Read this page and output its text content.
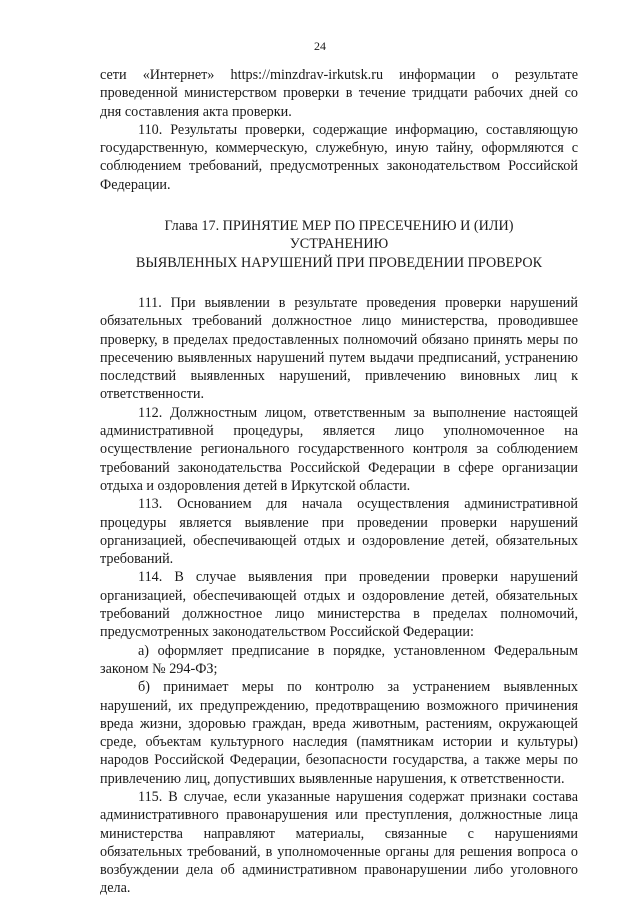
24

сети «Интернет» https://minzdrav-irkutsk.ru информации о результате проведенной министерством проверки в течение тридцати рабочих дней со дня составления акта проверки.

110. Результаты проверки, содержащие информацию, составляющую государственную, коммерческую, служебную, иную тайну, оформляются с соблюдением требований, предусмотренных законодательством Российской Федерации.

Глава 17. ПРИНЯТИЕ МЕР ПО ПРЕСЕЧЕНИЮ И (ИЛИ)
УСТРАНЕНИЮ
ВЫЯВЛЕННЫХ НАРУШЕНИЙ ПРИ ПРОВЕДЕНИИ ПРОВЕРОК

111. При выявлении в результате проведения проверки нарушений обязательных требований должностное лицо министерства, проводившее проверку, в пределах предоставленных полномочий обязано принять меры по пресечению выявленных нарушений путем выдачи предписаний, устранению последствий выявленных нарушений, привлечению виновных лиц к ответственности.

112. Должностным лицом, ответственным за выполнение настоящей административной процедуры, является лицо уполномоченное на осуществление регионального государственного контроля за соблюдением требований законодательства Российской Федерации в сфере организации отдыха и оздоровления детей в Иркутской области.

113. Основанием для начала осуществления административной процедуры является выявление при проведении проверки нарушений организацией, обеспечивающей отдых и оздоровление детей, обязательных требований.

114. В случае выявления при проведении проверки нарушений организацией, обеспечивающей отдых и оздоровление детей, обязательных требований должностное лицо министерства в пределах полномочий, предусмотренных законодательством Российской Федерации:

а) оформляет предписание в порядке, установленном Федеральным законом № 294-ФЗ;

б) принимает меры по контролю за устранением выявленных нарушений, их предупреждению, предотвращению возможного причинения вреда жизни, здоровью граждан, вреда животным, растениям, окружающей среде, объектам культурного наследия (памятникам истории и культуры) народов Российской Федерации, безопасности государства, а также меры по привлечению лиц, допустивших выявленные нарушения, к ответственности.

115. В случае, если указанные нарушения содержат признаки состава административного правонарушения или преступления, должностные лица министерства направляют материалы, связанные с нарушениями обязательных требований, в уполномоченные органы для решения вопроса о возбуждении дела об административном правонарушении либо уголовного дела.
